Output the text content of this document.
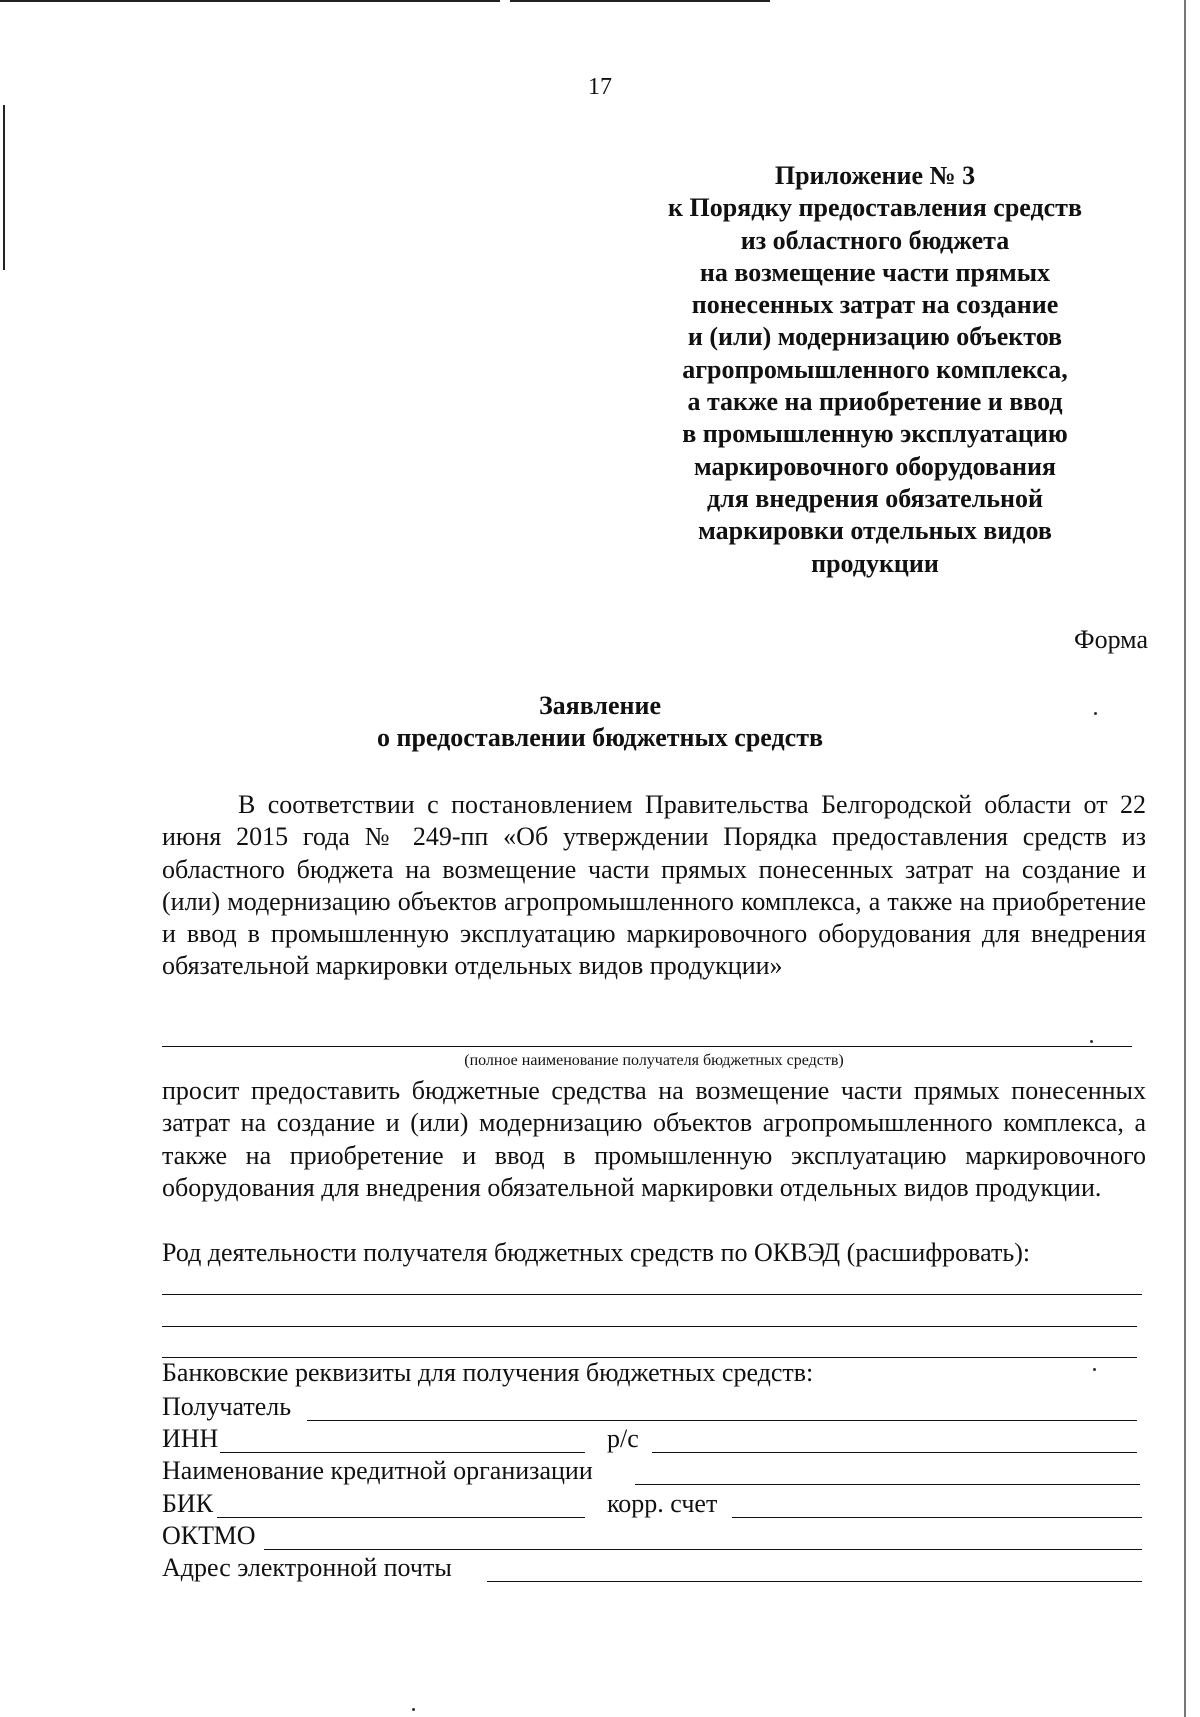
17
Приложение № 3
к Порядку предоставления средств
из областного бюджета
на возмещение части прямых
понесенных затрат на создание
и (или) модернизацию объектов
агропромышленного комплекса,
а также на приобретение и ввод
в промышленную эксплуатацию
маркировочного оборудования
для внедрения обязательной
маркировки отдельных видов
продукции
Форма
Заявление
о предоставлении бюджетных средств
В соответствии с постановлением Правительства Белгородской области от 22 июня 2015 года № 249-пп «Об утверждении Порядка предоставления средств из областного бюджета на возмещение части прямых понесенных затрат на создание и (или) модернизацию объектов агропромышленного комплекса, а также на приобретение и ввод в промышленную эксплуатацию маркировочного оборудования для внедрения обязательной маркировки отдельных видов продукции»
(полное наименование получателя бюджетных средств)
просит предоставить бюджетные средства на возмещение части прямых понесенных затрат на создание и (или) модернизацию объектов агропромышленного комплекса, а также на приобретение и ввод в промышленную эксплуатацию маркировочного оборудования для внедрения обязательной маркировки отдельных видов продукции.
Род деятельности получателя бюджетных средств по ОКВЭД (расшифровать):
Банковские реквизиты для получения бюджетных средств:
Получатель
ИНН	р/с
Наименование кредитной организации
БИК	корр. счет
ОКТМО
Адрес электронной почты
